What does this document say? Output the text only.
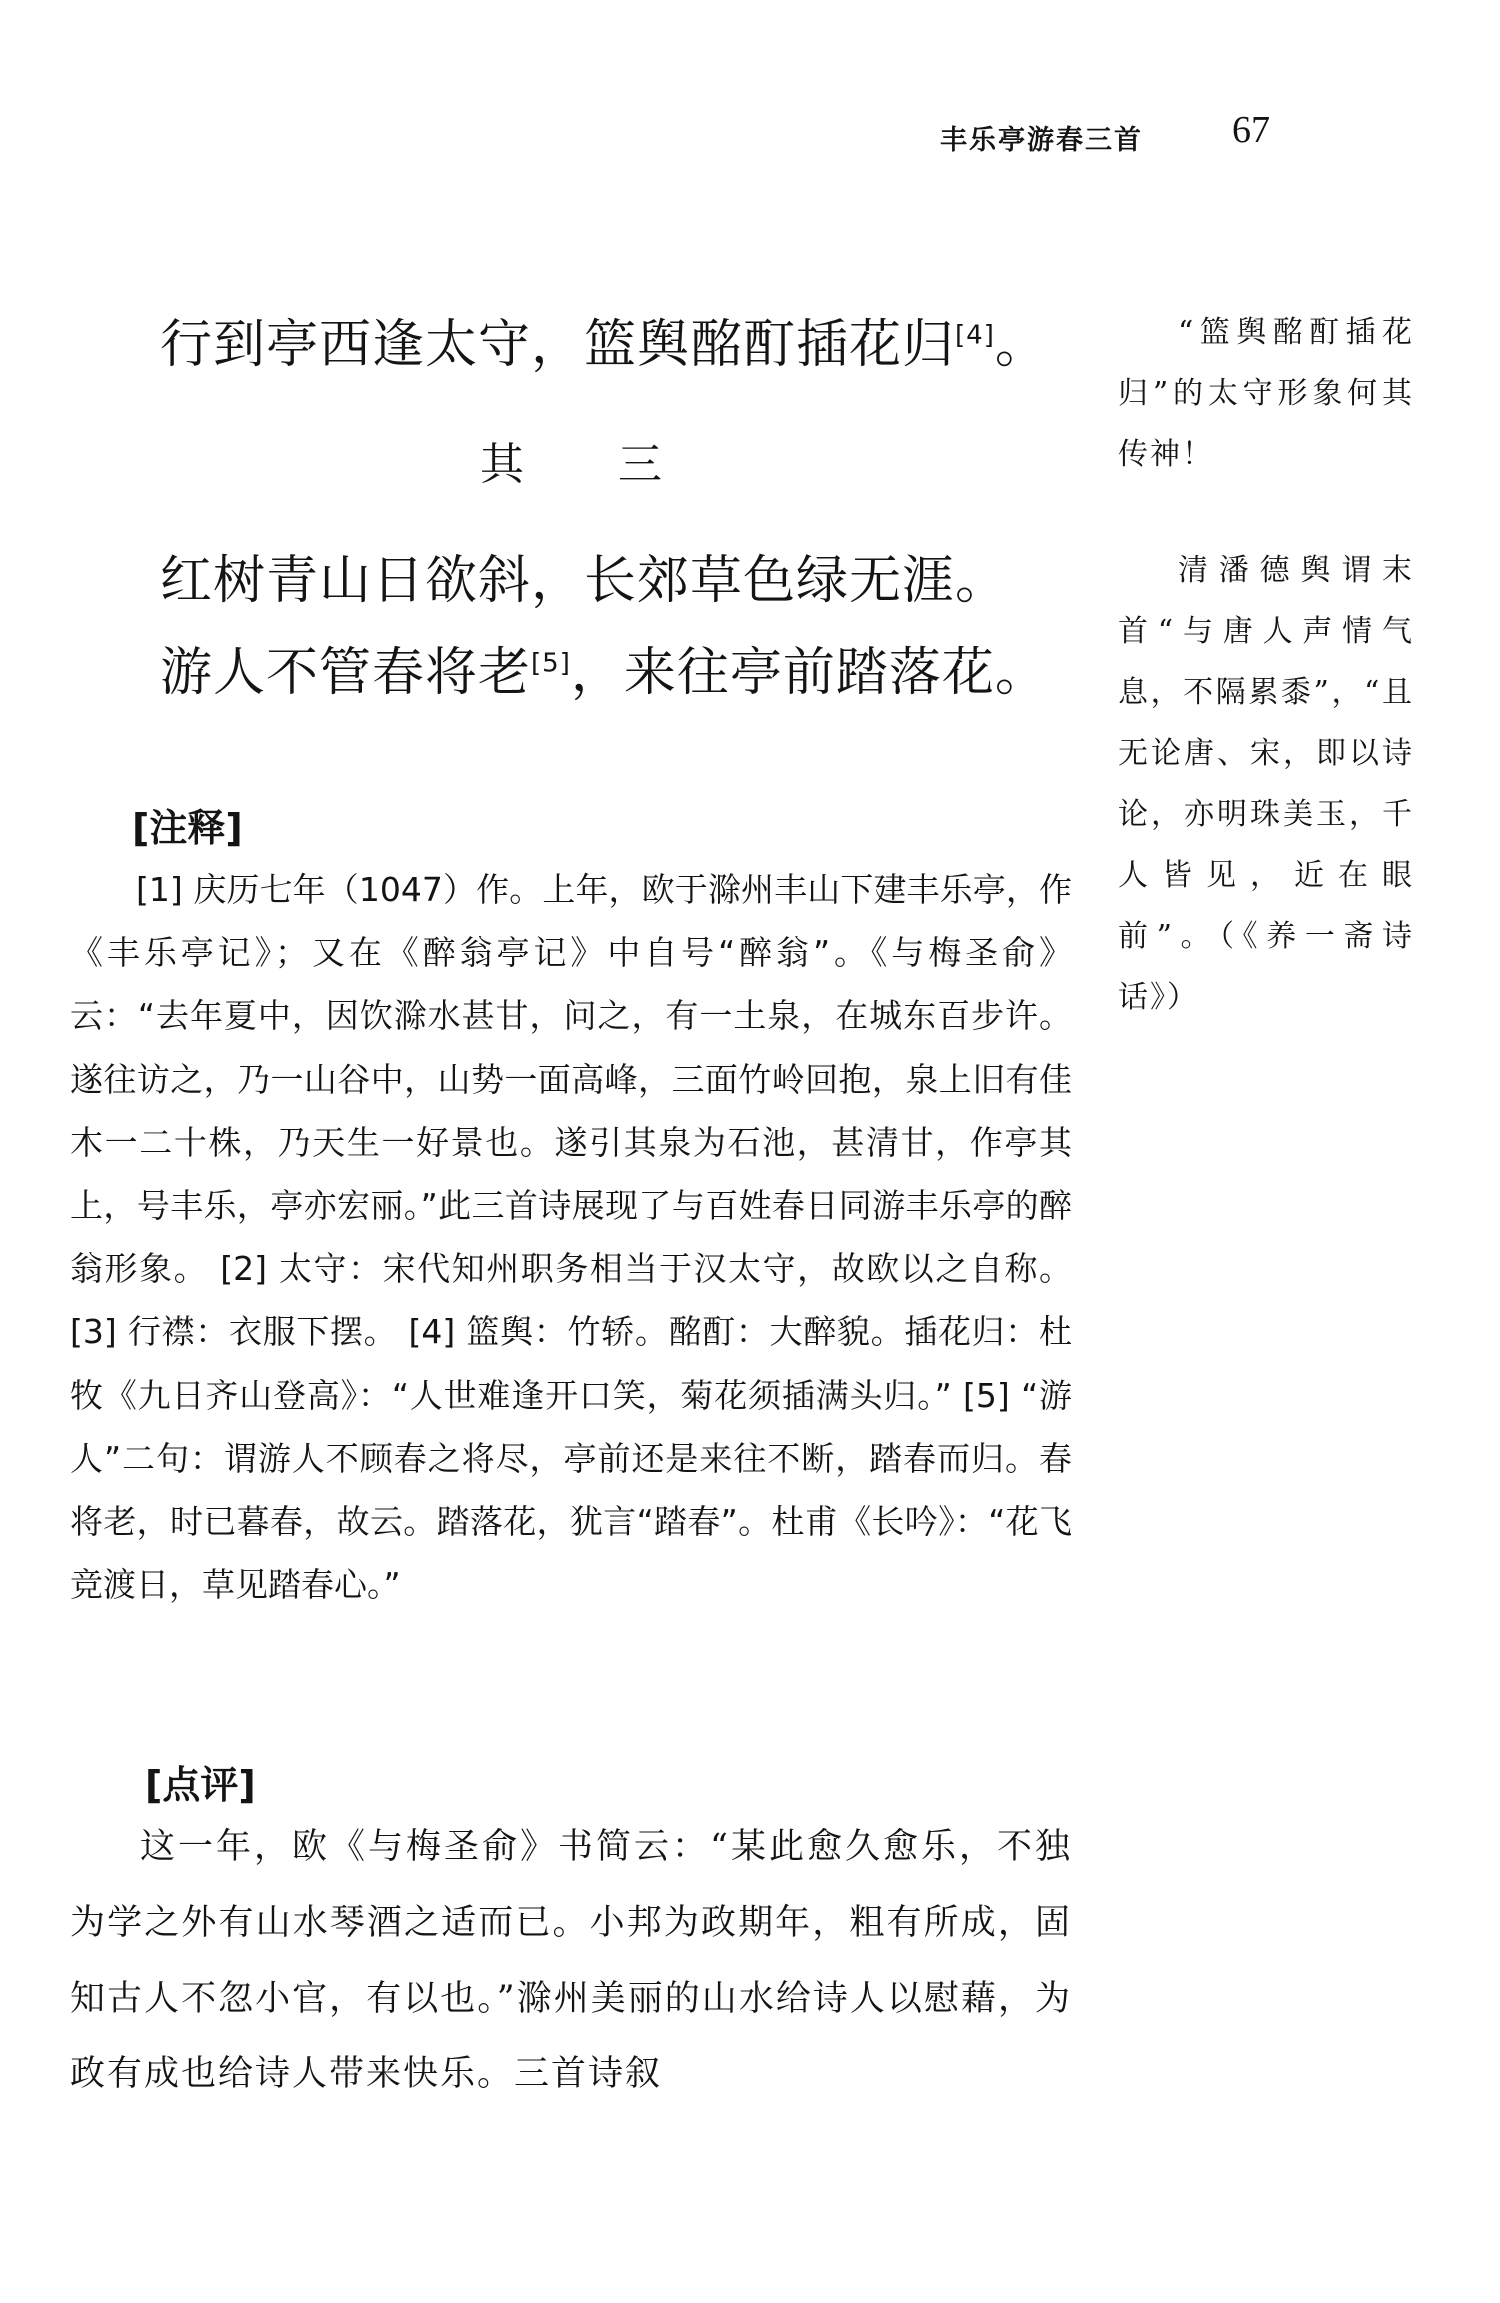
丰乐亭游春三首 67
行到亭西逢太守，篮舆酩酊插花归[4]。
其 三
红树青山日欲斜，长郊草色绿无涯。
游人不管春将老[5]，来往亭前踏落花。
[注释]

[1] 庆历七年（1047）作。上年，欧于滁州丰山下建丰乐亭，作《丰乐亭记》；又在《醉翁亭记》中自号“醉翁”。《与梅圣俞》云：“去年夏中，因饮滁水甚甘，问之，有一土泉，在城东百步许。遂往访之，乃一山谷中，山势一面高峰，三面竹岭回抱，泉上旧有佳木一二十株，乃天生一好景也。遂引其泉为石池，甚清甘，作亭其上，号丰乐，亭亦宏丽。”此三首诗展现了与百姓春日同游丰乐亭的醉翁形象。 [2] 太守：宋代知州职务相当于汉太守，故欧以之自称。 [3] 行襟：衣服下摆。 [4] 篮舆：竹轿。酩酊：大醉貌。插花归：杜牧《九日齐山登高》：“人世难逢开口笑，菊花须插满头归。” [5] “游人”二句：谓游人不顾春之将尽，亭前还是来往不断，踏春而归。春将老，时已暮春，故云。踏落花，犹言“踏春”。杜甫《长吟》：“花飞竞渡日，草见踏春心。”

[点评]

这一年，欧《与梅圣俞》书简云：“某此愈久愈乐，不独为学之外有山水琴酒之适而已。小邦为政期年，粗有所成，固知古人不忽小官，有以也。”滁州美丽的山水给诗人以慰藉，为政有成也给诗人带来快乐。三首诗叙

“篮舆酩酊插花归”的太守形象何其传神！

清潘德舆谓末首“与唐人声情气息，不隔累黍”，“且无论唐、宋，即以诗论，亦明珠美玉，千人皆见，近在眼前”。（《养一斋诗话》）
